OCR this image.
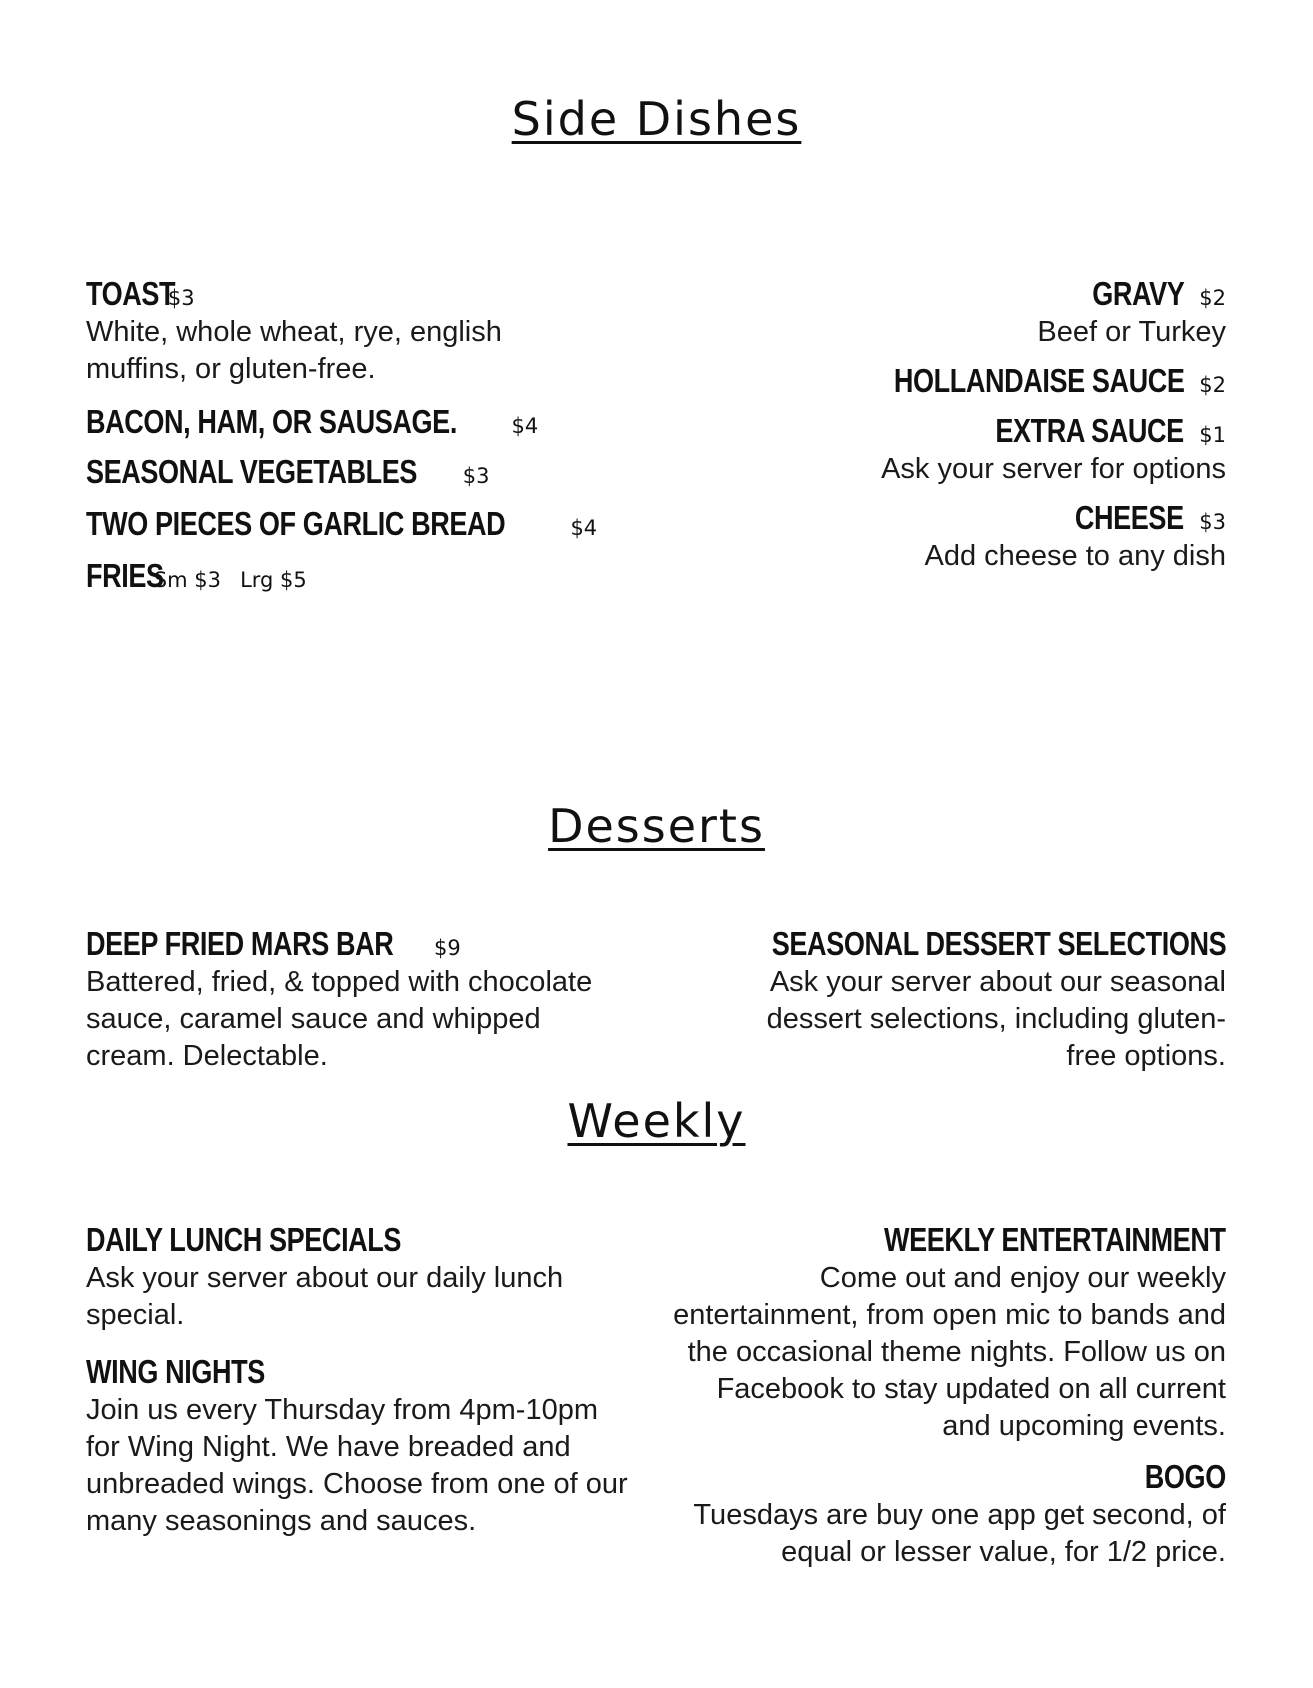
Side Dishes
TOAST $3
White, whole wheat, rye, english muffins, or gluten-free.
BACON, HAM, OR SAUSAGE.	$4
SEASONAL VEGETABLES $3
TWO PIECES OF GARLIC BREAD	$4
FRIES Sm $3 Lrg $5
GRAVY $2
Beef or Turkey
HOLLANDAISE SAUCE $2
EXTRA SAUCE $1
Ask your server for options
CHEESE $3
Add cheese to any dish
Desserts
DEEP FRIED MARS BAR $9
Battered, fried, & topped with chocolate sauce, caramel sauce and whipped cream. Delectable.
SEASONAL DESSERT SELECTIONS
Ask your server about our seasonal dessert selections, including gluten-free options.
Weekly
DAILY LUNCH SPECIALS
Ask your server about our daily lunch special.
WING NIGHTS
Join us every Thursday from 4pm-10pm for Wing Night. We have breaded and unbreaded wings. Choose from one of our many seasonings and sauces.
WEEKLY ENTERTAINMENT
Come out and enjoy our weekly entertainment, from open mic to bands and the occasional theme nights. Follow us on Facebook to stay updated on all current and upcoming events.
BOGO
Tuesdays are buy one app get second, of equal or lesser value, for 1/2 price.
